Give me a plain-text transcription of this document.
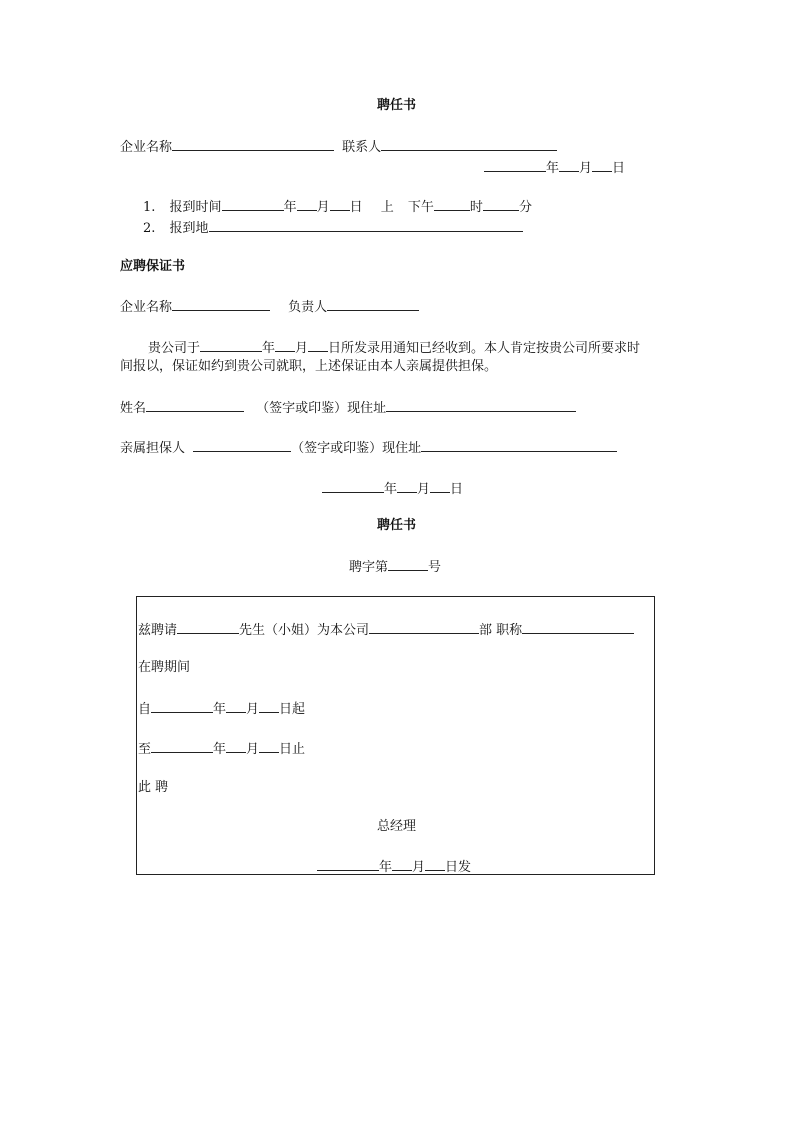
聘任书
企业名称	联系人
年 月 日
1. 报到时间	年 月 日 上 下午	时	分
2. 报到地
应聘保证书
企业名称	负责人
贵公司于	年 月 日所发录用通知已经收到。本人肯定按贵公司所要求时
间报以，保证如约到贵公司就职，上述保证由本人亲属提供担保。
姓名	（签字或印鉴）现住址
亲属担保人	（签字或印鉴）现住址
年 月 日
聘任书
聘字第	号
兹聘请	先生（小姐）为本公司	部 职称
在聘期间
自	年 月 日起
至	年 月 日止
此 聘
总经理
年 月 日发
